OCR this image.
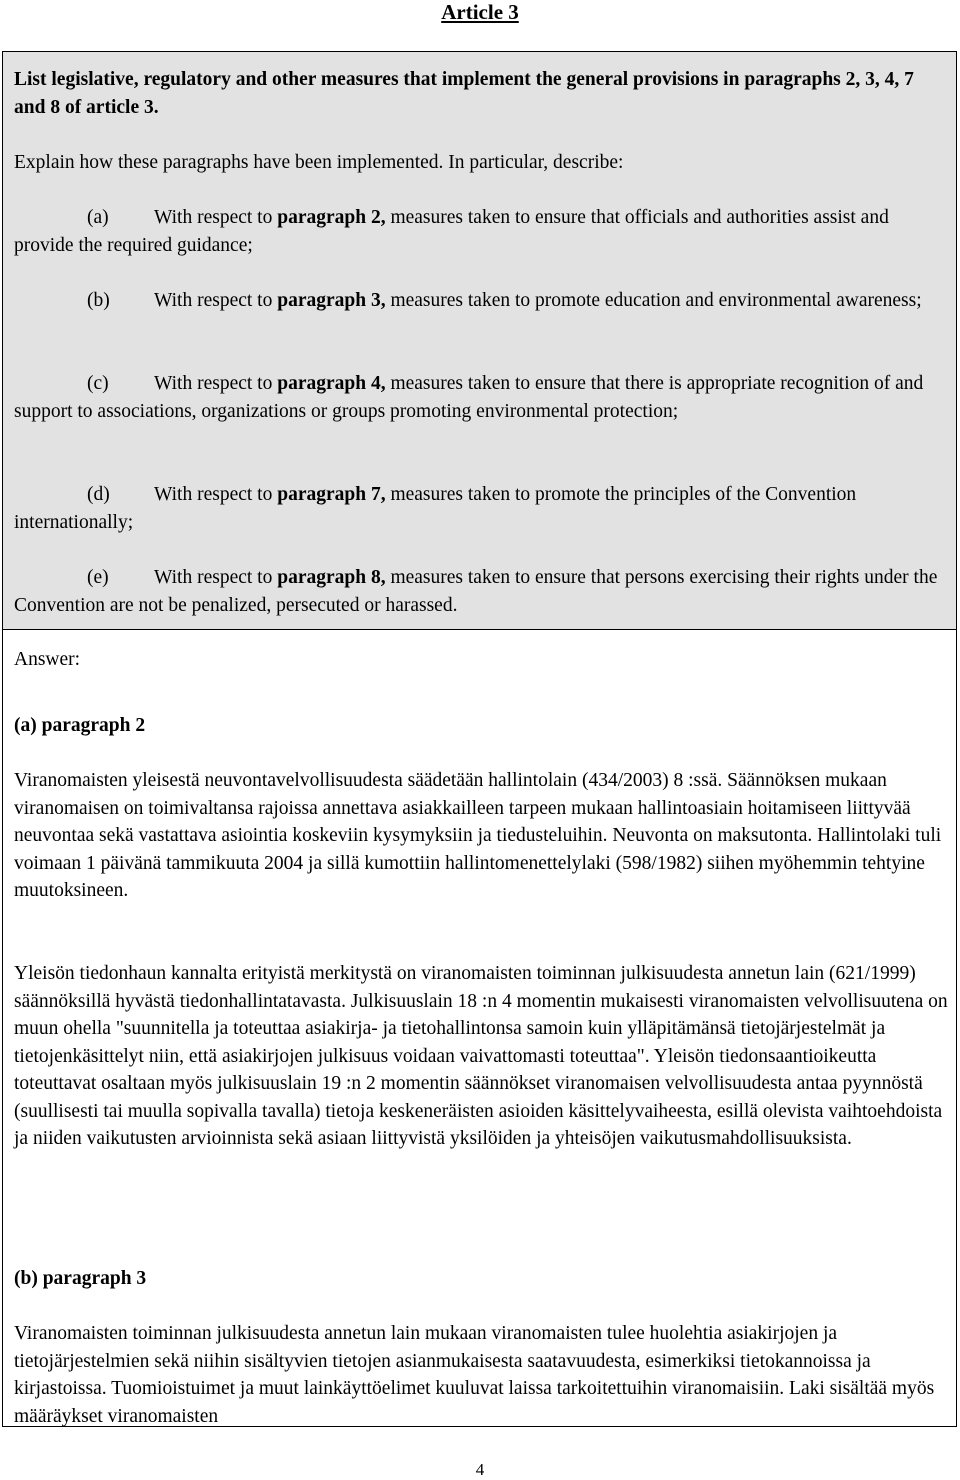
Article 3

List legislative, regulatory and other measures that implement the general provisions in paragraphs 2, 3, 4, 7 and 8 of article 3.

Explain how these paragraphs have been implemented. In particular, describe:

(a) With respect to paragraph 2, measures taken to ensure that officials and authorities assist and provide the required guidance;

(b) With respect to paragraph 3, measures taken to promote education and environmental awareness;

(c) With respect to paragraph 4, measures taken to ensure that there is appropriate recognition of and support to associations, organizations or groups promoting environmental protection;

(d) With respect to paragraph 7, measures taken to promote the principles of the Convention internationally;

(e) With respect to paragraph 8, measures taken to ensure that persons exercising their rights under the Convention are not be penalized, persecuted or harassed.

Answer:

(a) paragraph 2

Viranomaisten yleisestä neuvontavelvollisuudesta säädetään hallintolain (434/2003) 8 :ssä. Säännöksen mukaan viranomaisen on toimivaltansa rajoissa annettava asiakkailleen tarpeen mukaan hallintoasiain hoitamiseen liittyvää neuvontaa sekä vastattava asiointia koskeviin kysymyksiin ja tiedusteluihin. Neuvonta on maksutonta. Hallintolaki tuli voimaan 1 päivänä tammikuuta 2004 ja sillä kumottiin hallintomenettelylaki (598/1982) siihen myöhemmin tehtyine muutoksineen.

Yleisön tiedonhaun kannalta erityistä merkitystä on viranomaisten toiminnan julkisuudesta annetun lain (621/1999) säännöksillä hyvästä tiedonhallintatavasta. Julkisuuslain 18 :n 4 momentin mukaisesti viranomaisten velvollisuutena on muun ohella "suunnitella ja toteuttaa asiakirja- ja tietohallintonsa samoin kuin ylläpitämänsä tietojärjestelmät ja tietojenkäsittelyt niin, että asiakirjojen julkisuus voidaan vaivattomasti toteuttaa". Yleisön tiedonsaantioikeutta toteuttavat osaltaan myös julkisuuslain 19 :n 2 momentin säännökset viranomaisen velvollisuudesta antaa pyynnöstä (suullisesti tai muulla sopivalla tavalla) tietoja keskeneräisten asioiden käsittelyvaiheesta, esillä olevista vaihtoehdoista ja niiden vaikutusten arvioinnista sekä asiaan liittyvistä yksilöiden ja yhteisöjen vaikutusmahdollisuuksista.

(b) paragraph 3

Viranomaisten toiminnan julkisuudesta annetun lain mukaan viranomaisten tulee huolehtia asiakirjojen ja tietojärjestelmien sekä niihin sisältyvien tietojen asianmukaisesta saatavuudesta, esimerkiksi tietokannoissa ja kirjastoissa. Tuomioistuimet ja muut lainkäyttöelimet kuuluvat laissa tarkoitettuihin viranomaisiin. Laki sisältää myös määräykset viranomaisten

4
